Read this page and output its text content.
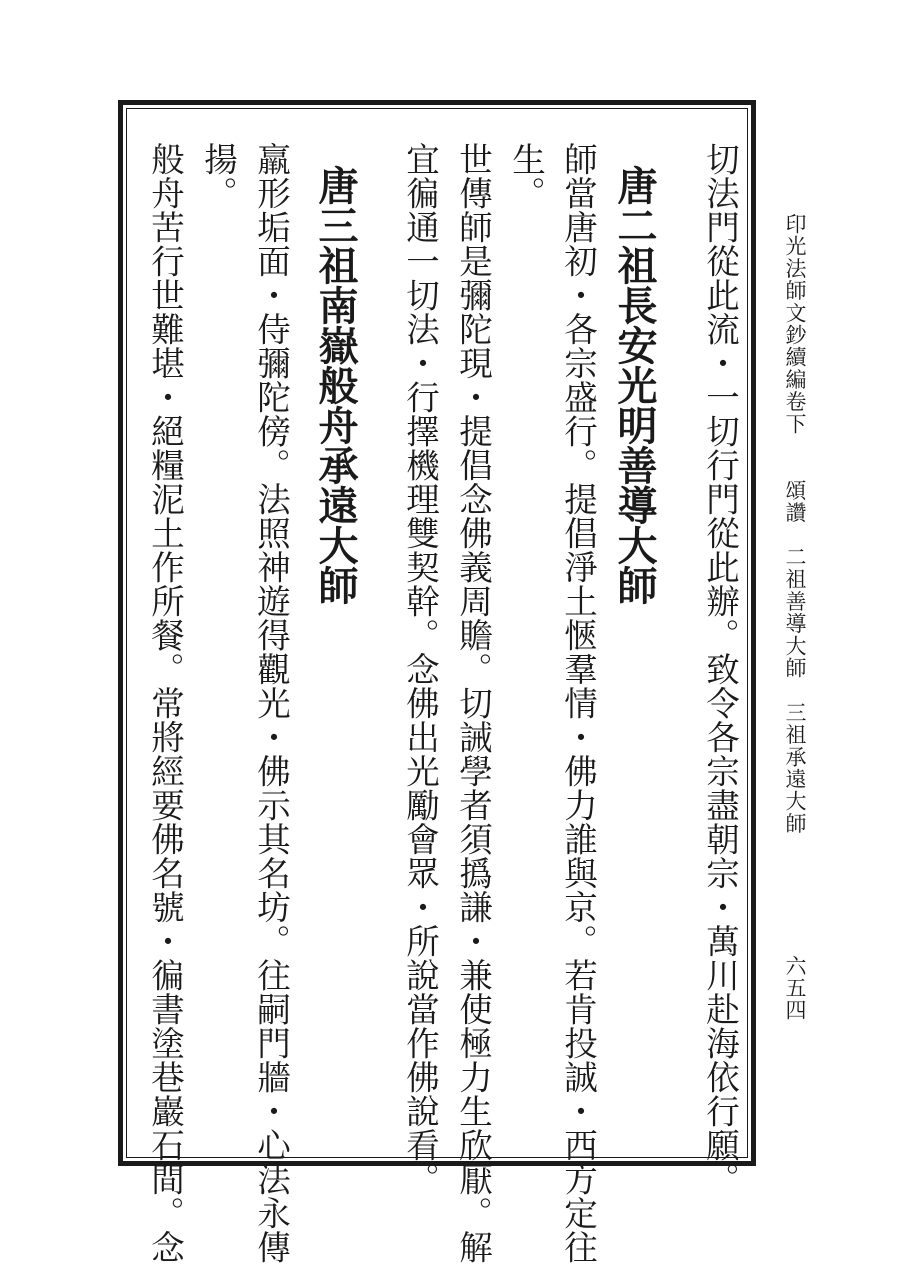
印光法師文鈔續編卷下　　頌讚　二祖善導大師　三祖承遠大師
六五四
切法門從此流・一切行門從此辦。致令各宗盡朝宗・萬川赴海依行願。
生。 唐二祖長安光明善導大師
師當唐初・各宗盛行。提倡淨土愜羣情・佛力誰與京。若肯投誠・西方定往
世傳師是彌陀現・提倡念佛義周贍。切誡學者須撝謙・兼使極力生欣厭。解
宜徧通一切法・行擇機理雙契幹。念佛出光勵會眾・所說當作佛說看。
唐三祖南嶽般舟承遠大師
羸形垢面・侍彌陀傍。法照神遊得觀光・佛示其名坊。往嗣門牆・心法永傳
揚。
般舟苦行世難堪・絕糧泥土作所餐。常將經要佛名號・徧書塗巷巖石間。念
